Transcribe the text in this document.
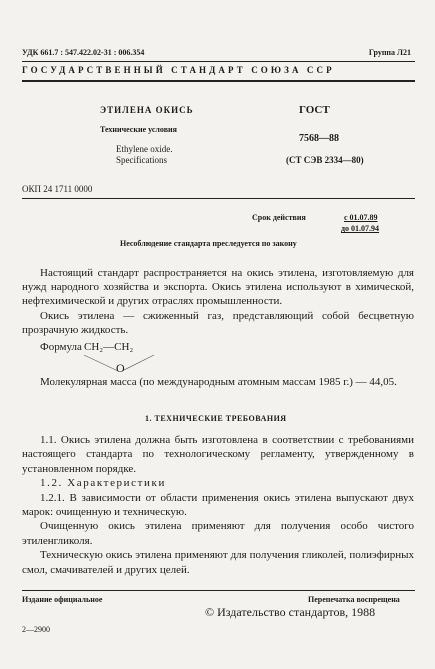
УДК 661.7 : 547.422.02-31 : 006.354	Группа Л21
ГОСУДАРСТВЕННЫЙ СТАНДАРТ СОЮЗА ССР
ЭТИЛЕНА ОКИСЬ
Технические условия
Ethylene oxide.
Specifications
ГОСТ
7568—88
(СТ СЭВ 2334—80)
ОКП 24 1711 0000
Срок действия	с 01.07.89
до 01.07.94
Несоблюдение стандарта преследуется по закону

Настоящий стандарт распространяется на окись этилена, изготовляемую для нужд народного хозяйства и экспорта. Окись этилена используют в химической, нефтехимической и других отраслях промышленности.

Окись этилена — сжиженный газ, представляющий собой бесцветную прозрачную жидкость.

Формула CH₂—CH₂
O

Молекулярная масса (по международным атомным массам 1985 г.) — 44,05.

1. ТЕХНИЧЕСКИЕ ТРЕБОВАНИЯ

1.1. Окись этилена должна быть изготовлена в соответствии с требованиями настоящего стандарта по технологическому регламенту, утвержденному в установленном порядке.

1.2. Характеристики

1.2.1. В зависимости от области применения окись этилена выпускают двух марок: очищенную и техническую.

Очищенную окись этилена применяют для получения особо чистого этиленгликоля.

Техническую окись этилена применяют для получения гликолей, полиэфирных смол, смачивателей и других целей.

Издание официальное	Перепечатка воспрещена
© Издательство стандартов, 1988
2—2900
